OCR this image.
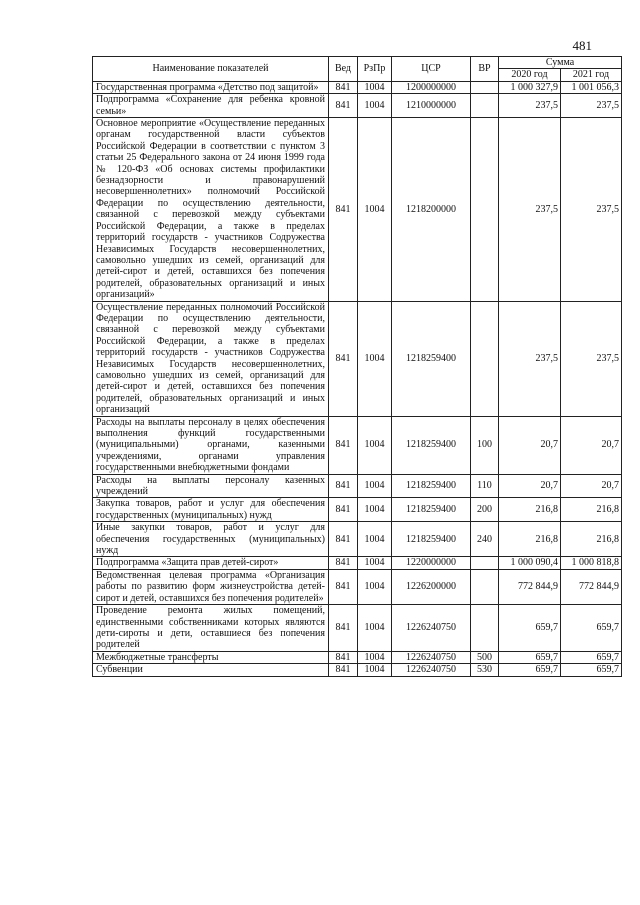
481
Наименование показателей	Вед	РзПр	ЦСР	ВР	Сумма	
					2020 год	2021 год
Государственная программа «Детство под защитой»	841	1004	1200000000		1 000 327,9	1 001 056,3
Подпрограмма «Сохранение для ребенка кровной семьи»	841	1004	1210000000		237,5	237,5
Основное мероприятие «Осуществление переданных органам государственной власти субъектов Российской Федерации в соответствии с пунктом 3 статьи 25 Федерального закона от 24 июня 1999 года № 120-ФЗ «Об основах системы профилактики безнадзорности и правонарушений несовершеннолетних» полномочий Российской Федерации по осуществлению деятельности, связанной с перевозкой между субъектами Российской Федерации, а также в пределах территорий государств - участников Содружества Независимых Государств несовершеннолетних, самовольно ушедших из семей, организаций для детей-сирот и детей, оставшихся без попечения родителей, образовательных организаций и иных организаций»	841	1004	1218200000		237,5	237,5
Осуществление переданных полномочий Российской Федерации по осуществлению деятельности, связанной с перевозкой между субъектами Российской Федерации, а также в пределах территорий государств - участников Содружества Независимых Государств несовершеннолетних, самовольно ушедших из семей, организаций для детей-сирот и детей, оставшихся без попечения родителей, образовательных организаций и иных организаций	841	1004	1218259400		237,5	237,5
Расходы на выплаты персоналу в целях обеспечения выполнения функций государственными (муниципальными) органами, казенными учреждениями, органами управления государственными внебюджетными фондами	841	1004	1218259400	100	20,7	20,7
Расходы на выплаты персоналу казенных учреждений	841	1004	1218259400	110	20,7	20,7
Закупка товаров, работ и услуг для обеспечения государственных (муниципальных) нужд	841	1004	1218259400	200	216,8	216,8
Иные закупки товаров, работ и услуг для обеспечения государственных (муниципальных) нужд	841	1004	1218259400	240	216,8	216,8
Подпрограмма «Защита прав детей-сирот»	841	1004	1220000000		1 000 090,4	1 000 818,8
Ведомственная целевая программа «Организация работы по развитию форм жизнеустройства детей-сирот и детей, оставшихся без попечения родителей»	841	1004	1226200000		772 844,9	772 844,9
Проведение ремонта жилых помещений, единственными собственниками которых являются дети-сироты и дети, оставшиеся без попечения родителей	841	1004	1226240750		659,7	659,7
Межбюджетные трансферты	841	1004	1226240750	500	659,7	659,7
Субвенции	841	1004	1226240750	530	659,7	659,7
